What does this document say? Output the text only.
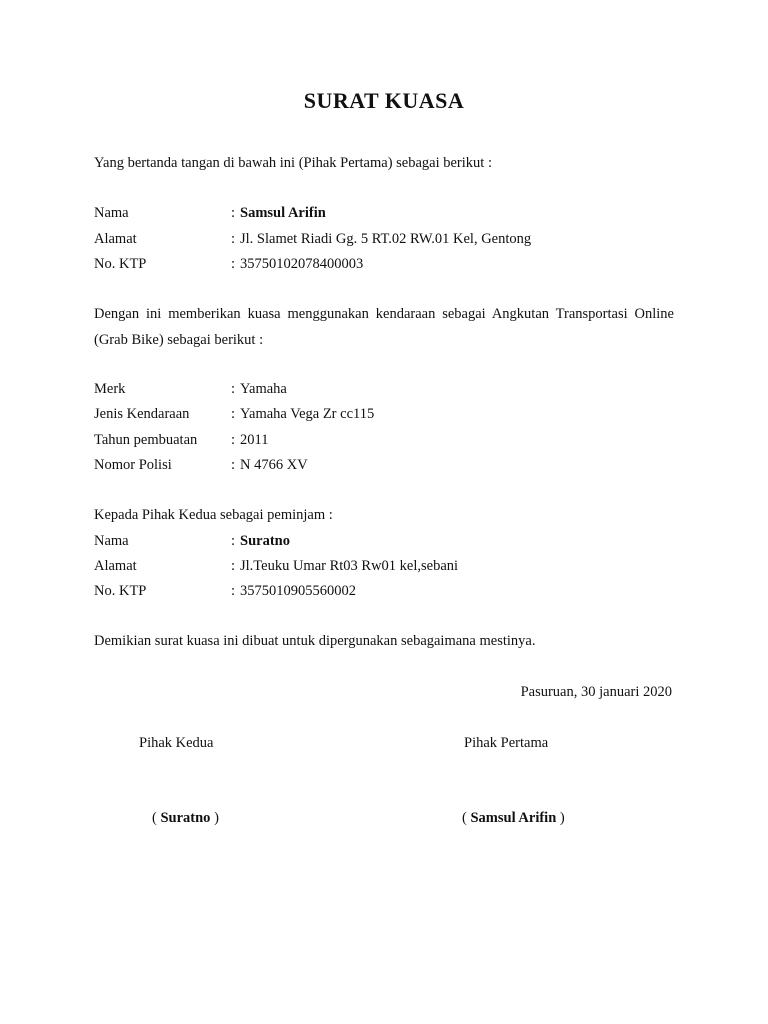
SURAT KUASA
Yang bertanda tangan di bawah ini (Pihak Pertama) sebagai berikut :
Nama	: Samsul Arifin
Alamat	: Jl. Slamet Riadi Gg. 5 RT.02 RW.01 Kel, Gentong
No. KTP	: 35750102078400003
Dengan ini memberikan kuasa menggunakan kendaraan sebagai Angkutan Transportasi Online (Grab Bike) sebagai berikut :
Merk	: Yamaha
Jenis Kendaraan	: Yamaha Vega Zr cc115
Tahun pembuatan : 2011
Nomor Polisi	: N 4766 XV
Kepada Pihak Kedua sebagai peminjam :
Nama	: Suratno
Alamat	: Jl.Teuku Umar Rt03 Rw01 kel,sebani
No. KTP	: 3575010905560002
Demikian surat kuasa ini dibuat untuk dipergunakan sebagaimana mestinya.
Pasuruan, 30 januari 2020
Pihak Kedua	Pihak Pertama
( Suratno )	( Samsul Arifin )
